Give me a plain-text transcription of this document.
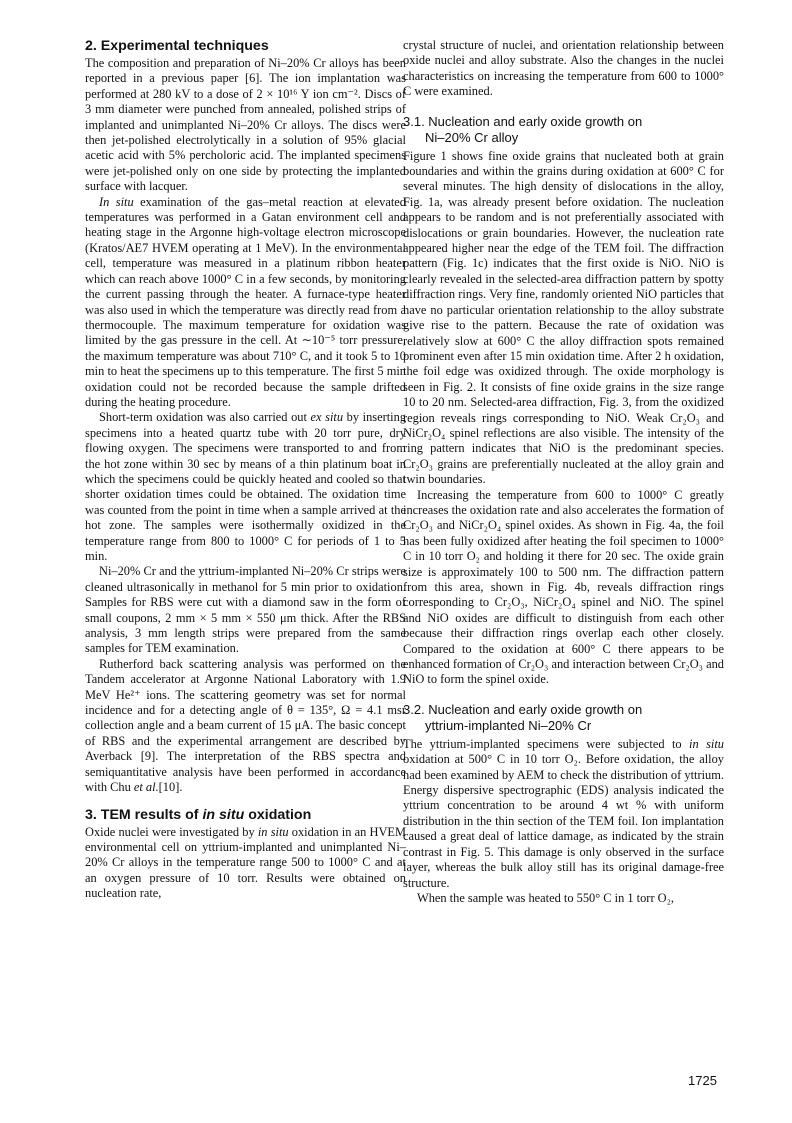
2. Experimental techniques

The composition and preparation of Ni–20% Cr alloys has been reported in a previous paper [6]. The ion implantation was performed at 280 kV to a dose of 2 × 10¹⁶ Y ion cm⁻². Discs of 3 mm diameter were punched from annealed, polished strips of implanted and unimplanted Ni–20% Cr alloys. The discs were then jet-polished electrolytically in a solution of 95% glacial acetic acid with 5% percholoric acid. The implanted specimens were jet-polished only on one side by protecting the implanted surface with lacquer.

In situ examination of the gas–metal reaction at elevated temperatures was performed in a Gatan environment cell and heating stage in the Argonne high-voltage electron microscope (Kratos/AE7 HVEM operating at 1 MeV). In the environmental cell, temperature was measured in a platinum ribbon heater which can reach above 1000° C in a few seconds, by monitoring the current passing through the heater. A furnace-type heater was also used in which the temperature was directly read from a thermocouple. The maximum temperature for oxidation was limited by the gas pressure in the cell. At ∼10⁻⁵ torr pressure, the maximum temperature was about 710° C, and it took 5 to 10 min to heat the specimens up to this temperature. The first 5 min oxidation could not be recorded because the sample drifted during the heating procedure.

Short-term oxidation was also carried out ex situ by inserting specimens into a heated quartz tube with 20 torr pure, dry flowing oxygen. The specimens were transported to and from the hot zone within 30 sec by means of a thin platinum boat in which the specimens could be quickly heated and cooled so that shorter oxidation times could be obtained. The oxidation time was counted from the point in time when a sample arrived at the hot zone. The samples were isothermally oxidized in the temperature range from 800 to 1000° C for periods of 1 to 5 min.

Ni–20% Cr and the yttrium-implanted Ni–20% Cr strips were cleaned ultrasonically in methanol for 5 min prior to oxidation. Samples for RBS were cut with a diamond saw in the form of small coupons, 2 mm × 5 mm × 550 μm thick. After the RBS analysis, 3 mm length strips were prepared from the same samples for TEM examination.

Rutherford back scattering analysis was performed on the Tandem accelerator at Argonne National Laboratory with 1.9 MeV He²⁺ ions. The scattering geometry was set for normal incidence and for a detecting angle of θ = 135°, Ω = 4.1 msr collection angle and a beam current of 15 μA. The basic concept of RBS and the experimental arrangement are described by Averback [9]. The interpretation of the RBS spectra and semiquantitative analysis have been performed in accordance with Chu et al.[10].

3. TEM results of in situ oxidation

Oxide nuclei were investigated by in situ oxidation in an HVEM environmental cell on yttrium-implanted and unimplanted Ni–20% Cr alloys in the temperature range 500 to 1000° C and at an oxygen pressure of 10 torr. Results were obtained on nucleation rate,

crystal structure of nuclei, and orientation relationship between oxide nuclei and alloy substrate. Also the changes in the nuclei characteristics on increasing the temperature from 600 to 1000° C were examined.

3.1. Nucleation and early oxide growth on
Ni–20% Cr alloy

Figure 1 shows fine oxide grains that nucleated both at grain boundaries and within the grains during oxidation at 600° C for several minutes. The high density of dislocations in the alloy, Fig. 1a, was already present before oxidation. The nucleation appears to be random and is not preferentially associated with dislocations or grain boundaries. However, the nucleation rate appeared higher near the edge of the TEM foil. The diffraction pattern (Fig. 1c) indicates that the first oxide is NiO. NiO is clearly revealed in the selected-area diffraction pattern by spotty diffraction rings. Very fine, randomly oriented NiO particles that have no particular orientation relationship to the alloy substrate give rise to the pattern. Because the rate of oxidation was relatively slow at 600° C the alloy diffraction spots remained prominent even after 15 min oxidation time. After 2 h oxidation, the foil edge was oxidized through. The oxide morphology is seen in Fig. 2. It consists of fine oxide grains in the size range 10 to 20 nm. Selected-area diffraction, Fig. 3, from the oxidized region reveals rings corresponding to NiO. Weak Cr₂O₃ and NiCr₂O₄ spinel reflections are also visible. The intensity of the ring pattern indicates that NiO is the predominant species. Cr₂O₃ grains are preferentially nucleated at the alloy grain and twin boundaries.

Increasing the temperature from 600 to 1000° C greatly increases the oxidation rate and also accelerates the formation of Cr₂O₃ and NiCr₂O₄ spinel oxides. As shown in Fig. 4a, the foil has been fully oxidized after heating the foil specimen to 1000° C in 10 torr O₂ and holding it there for 20 sec. The oxide grain size is approximately 100 to 500 nm. The diffraction pattern from this area, shown in Fig. 4b, reveals diffraction rings corresponding to Cr₂O₃, NiCr₂O₄ spinel and NiO. The spinel and NiO oxides are difficult to distinguish from each other because their diffraction rings overlap each other closely. Compared to the oxidation at 600° C there appears to be enhanced formation of Cr₂O₃ and interaction between Cr₂O₃ and NiO to form the spinel oxide.

3.2. Nucleation and early oxide growth on
yttrium-implanted Ni–20% Cr

The yttrium-implanted specimens were subjected to in situ oxidation at 500° C in 10 torr O₂. Before oxidation, the alloy had been examined by AEM to check the distribution of yttrium. Energy dispersive spectrographic (EDS) analysis indicated the yttrium concentration to be around 4 wt % with uniform distribution in the thin section of the TEM foil. Ion implantation caused a great deal of lattice damage, as indicated by the strain contrast in Fig. 5. This damage is only observed in the surface layer, whereas the bulk alloy still has its original damage-free structure.

When the sample was heated to 550° C in 1 torr O₂,

1725
